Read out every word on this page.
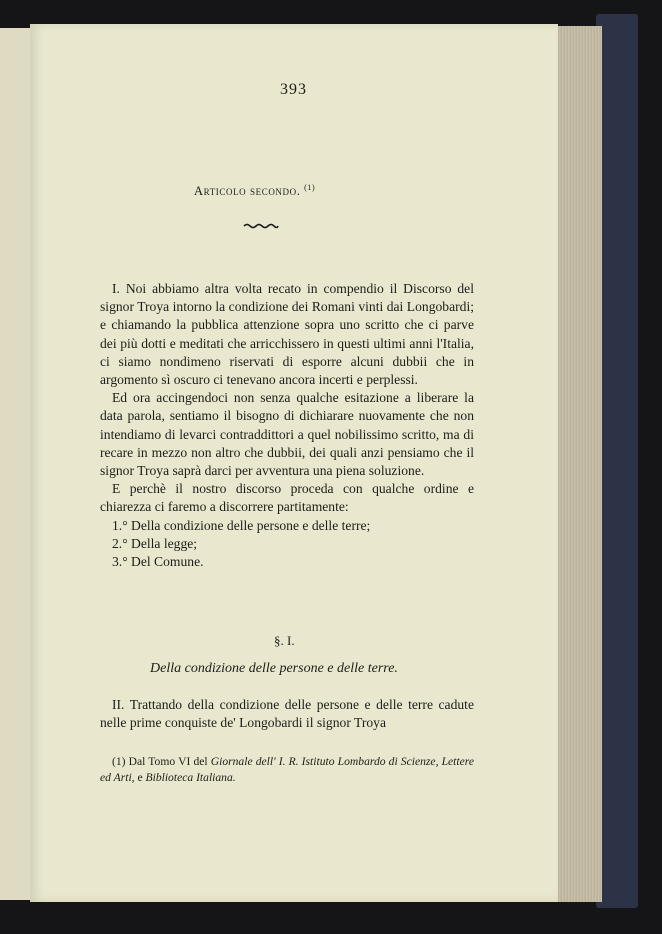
393
Articolo secondo. $^{(1)}$

I. Noi abbiamo altra volta recato in compendio il Discorso del signor Troya intorno la condizione dei Romani vinti dai Longobardi; e chiamando la pubblica attenzione sopra uno scritto che ci parve dei più dotti e meditati che arricchissero in questi ultimi anni l'Italia, ci siamo nondimeno riservati di esporre alcuni dubbii che in argomento sì oscuro ci tenevano ancora incerti e perplessi.

Ed ora accingendoci non senza qualche esitazione a liberare la data parola, sentiamo il bisogno di dichiarare nuovamente che non intendiamo di levarci contraddittori a quel nobilissimo scritto, ma di recare in mezzo non altro che dubbii, dei quali anzi pensiamo che il signor Troya saprà darci per avventura una piena soluzione.

E perchè il nostro discorso proceda con qualche ordine e chiarezza ci faremo a discorrere partitamente:

1.° Della condizione delle persone e delle terre;
2.° Della legge;
3.° Del Comune.
§. I.
Della condizione delle persone e delle terre.

II. Trattando della condizione delle persone e delle terre cadute nelle prime conquiste de' Longobardi il signor Troya

(1) Dal Tomo VI del Giornale dell' I. R. Istituto Lombardo di Scienze, Lettere ed Arti, e Biblioteca Italiana.
